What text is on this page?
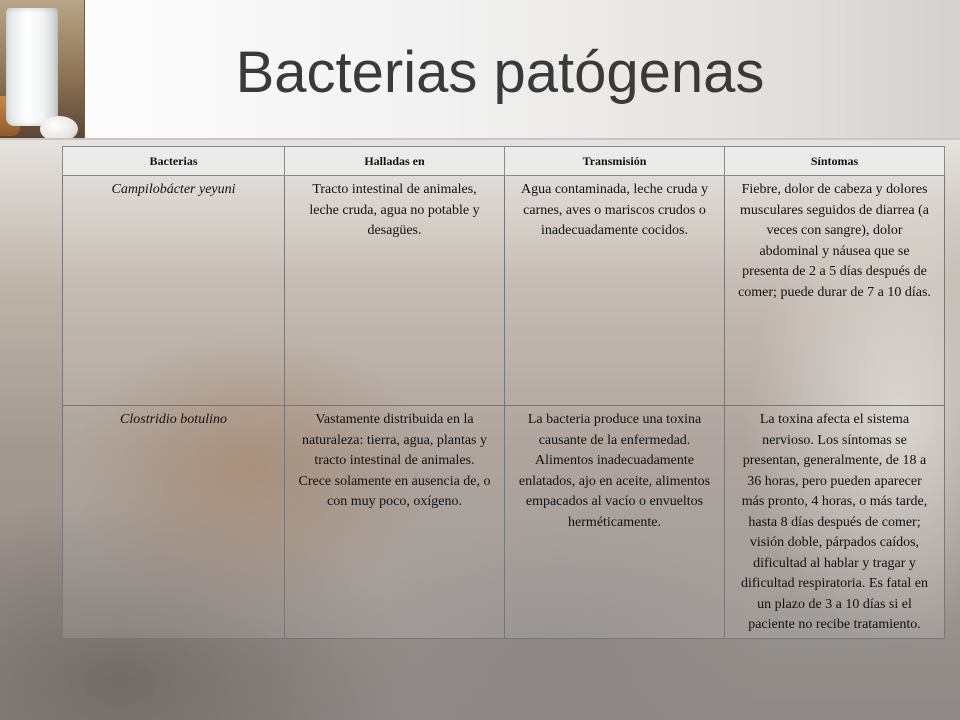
Bacterias patógenas
Bacterias	Halladas en	Transmisión	Síntomas
Campilobácter yeyuni	Tracto intestinal de animales, leche cruda, agua no potable y desagües.	Agua contaminada, leche cruda y carnes, aves o mariscos crudos o inadecuadamente cocidos.	Fiebre, dolor de cabeza y dolores musculares seguidos de diarrea (a veces con sangre), dolor abdominal y náusea que se presenta de 2 a 5 días después de comer; puede durar de 7 a 10 días.
Clostridio botulino	Vastamente distribuida en la naturaleza: tierra, agua, plantas y tracto intestinal de animales. Crece solamente en ausencia de, o con muy poco, oxígeno.	La bacteria produce una toxina causante de la enfermedad. Alimentos inadecuadamente enlatados, ajo en aceite, alimentos empacados al vacío o envueltos herméticamente.	La toxina afecta el sistema nervioso. Los síntomas se presentan, generalmente, de 18 a 36 horas, pero pueden aparecer más pronto, 4 horas, o más tarde, hasta 8 días después de comer; visión doble, párpados caídos, dificultad al hablar y tragar y dificultad respiratoria. Es fatal en un plazo de 3 a 10 días si el paciente no recibe tratamiento.
